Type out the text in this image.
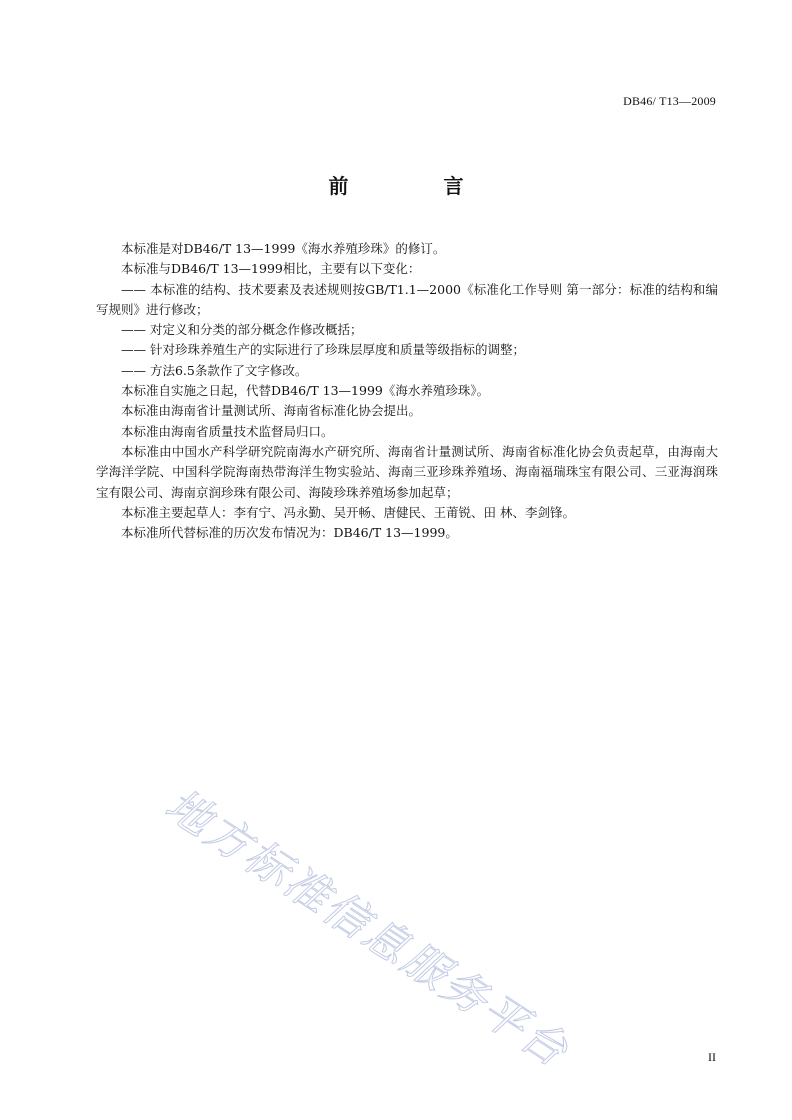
DB46/ T13—2009
前 言

本标准是对DB46/T 13—1999《海水养殖珍珠》的修订。

本标准与DB46/T 13—1999相比，主要有以下变化：

—— 本标准的结构、技术要素及表述规则按GB/T1.1—2000《标准化工作导则 第一部分：标准的结构和编写规则》进行修改；

—— 对定义和分类的部分概念作修改概括；

—— 针对珍珠养殖生产的实际进行了珍珠层厚度和质量等级指标的调整；

—— 方法6.5条款作了文字修改。

本标准自实施之日起，代替DB46/T 13—1999《海水养殖珍珠》。

本标准由海南省计量测试所、海南省标准化协会提出。

本标准由海南省质量技术监督局归口。

本标准由中国水产科学研究院南海水产研究所、海南省计量测试所、海南省标准化协会负责起草，由海南大学海洋学院、中国科学院海南热带海洋生物实验站、海南三亚珍珠养殖场、海南福瑞珠宝有限公司、三亚海润珠宝有限公司、海南京润珍珠有限公司、海陵珍珠养殖场参加起草；

本标准主要起草人：李有宁、冯永勤、吴开畅、唐健民、王莆锐、田 林、李剑锋。

本标准所代替标准的历次发布情况为：DB46/T 13—1999。

地方标准信息服务平台	II
